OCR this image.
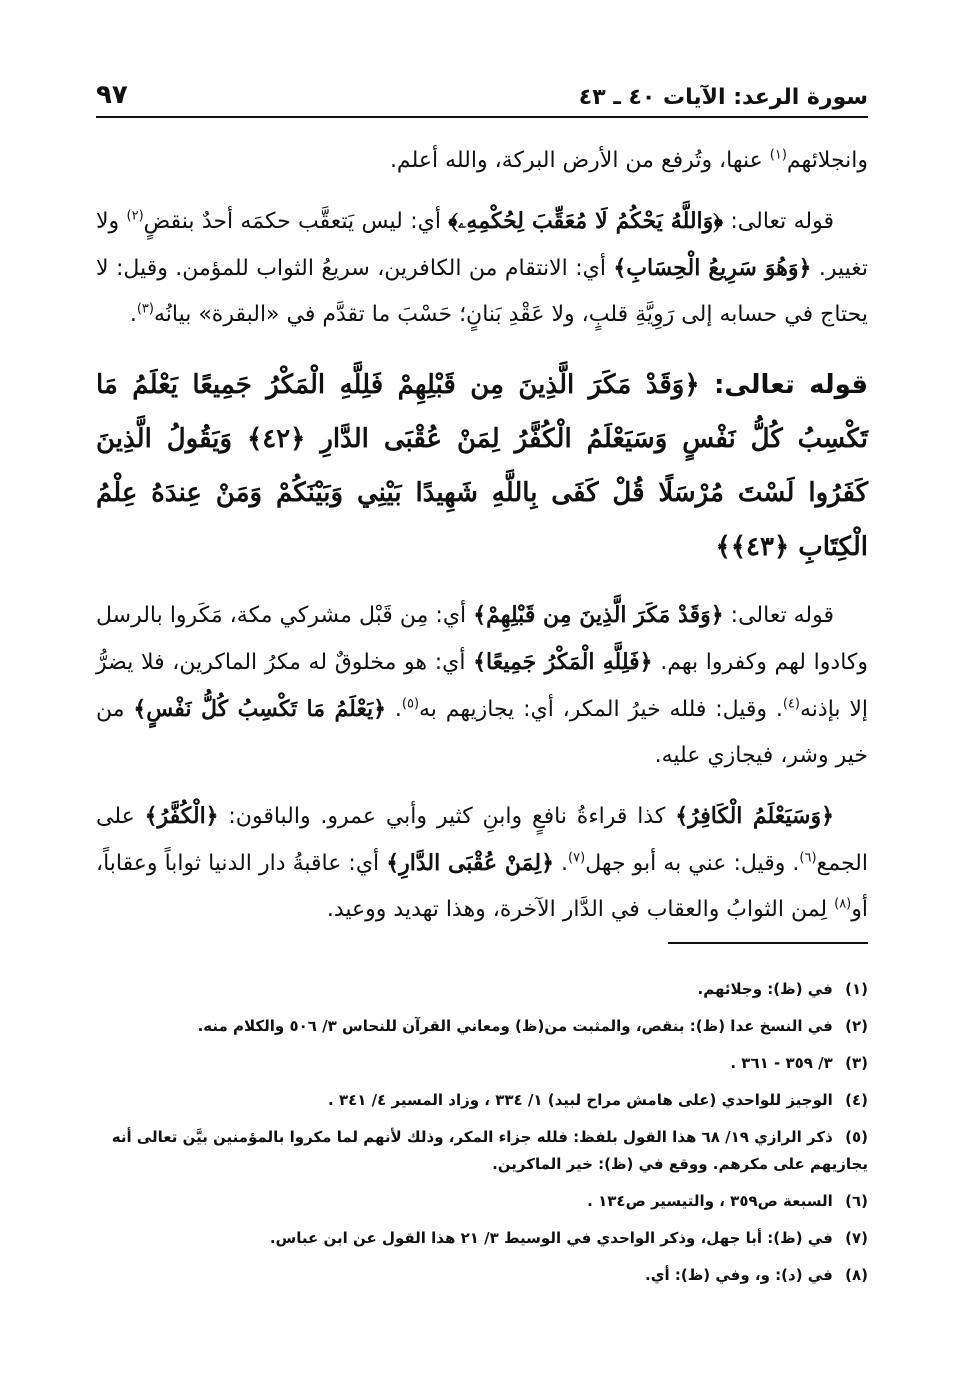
سورة الرعد: الآيات ٤٠ ـ ٤٣
٩٧

وانجلائهم$^{(١)}$ عنها، وتُرفع من الأرض البركة، والله أعلم.

قوله تعالى: ﴿وَاللَّهُ يَحْكُمُ لَا مُعَقِّبَ لِحُكْمِهِۦ﴾ أي: ليس يَتعقَّب حكمَه أحدٌ بنقضٍ$^{(٢)}$ ولا تغيير. ﴿وَهُوَ سَرِيعُ الْحِسَابِ﴾ أي: الانتقام من الكافرين، سريعُ الثواب للمؤمن. وقيل: لا يحتاج في حسابه إلى رَوِيَّةِ قلبٍ، ولا عَقْدِ بَنانٍ؛ حَسْبَ ما تقدَّم في «البقرة» بيانُه$^{(٣)}$.

قوله تعالى: ﴿وَقَدْ مَكَرَ الَّذِينَ مِن قَبْلِهِمْ فَلِلَّهِ الْمَكْرُ جَمِيعًا يَعْلَمُ مَا تَكْسِبُ كُلُّ نَفْسٍ وَسَيَعْلَمُ الْكُفَّرُ لِمَنْ عُقْبَى الدَّارِ ﴿٤٢﴾ وَيَقُولُ الَّذِينَ كَفَرُوا لَسْتَ مُرْسَلًا قُلْ كَفَى بِاللَّهِ شَهِيدًا بَيْنِي وَبَيْنَكُمْ وَمَنْ عِندَهُ عِلْمُ الْكِتَابِ ﴿٤٣﴾﴾

قوله تعالى: ﴿وَقَدْ مَكَرَ الَّذِينَ مِن قَبْلِهِمْ﴾ أي: مِن قَبْل مشركي مكة، مَكَروا بالرسل وكادوا لهم وكفروا بهم. ﴿فَلِلَّهِ الْمَكْرُ جَمِيعًا﴾ أي: هو مخلوقٌ له مكرُ الماكرين، فلا يضرُّ إلا بإذنه$^{(٤)}$. وقيل: فلله خيرُ المكر، أي: يجازيهم به$^{(٥)}$. ﴿يَعْلَمُ مَا تَكْسِبُ كُلُّ نَفْسٍ﴾ من خير وشر، فيجازي عليه.

﴿وَسَيَعْلَمُ الْكَافِرُ﴾ كذا قراءةُ نافعٍ وابنِ كثير وأبي عمرو. والباقون: ﴿الْكُفَّرُ﴾ على الجمع$^{(٦)}$. وقيل: عني به أبو جهل$^{(٧)}$. ﴿لِمَنْ عُقْبَى الدَّارِ﴾ أي: عاقبةُ دار الدنيا ثواباً وعقاباً، أو$^{(٨)}$ لِمن الثوابُ والعقاب في الدَّار الآخرة، وهذا تهديد ووعيد.

(١) في (ظ): وجلائهم.
(٢) في النسخ عدا (ظ): بنقص، والمثبت من(ظ) ومعاني القرآن للنحاس ٣/ ٥٠٦ والكلام منه.
(٣) ٣/ ٣٥٩ - ٣٦١ .
(٤) الوجيز للواحدي (على هامش مراح لبيد) ١/ ٣٣٤ ، وزاد المسير ٤/ ٣٤١ .
(٥) ذكر الرازي ١٩/ ٦٨ هذا القول بلفظ: فلله جزاء المكر، وذلك لأنهم لما مكروا بالمؤمنين بيَّن تعالى أنه يجازيهم على مكرهم. ووقع في (ظ): خير الماكرين.
(٦) السبعة ص٣٥٩ ، والتيسير ص١٣٤ .
(٧) في (ظ): أبا جهل، وذكر الواحدي في الوسيط ٣/ ٢١ هذا القول عن ابن عباس.
(٨) في (د): و، وفي (ظ): أي.
